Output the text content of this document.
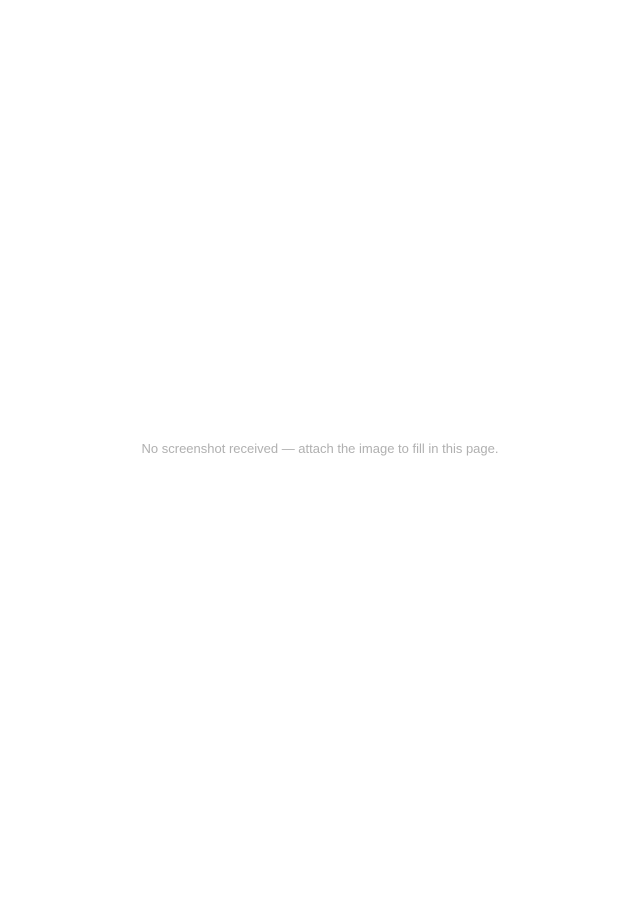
No screenshot received — attach the image to fill in this page.
